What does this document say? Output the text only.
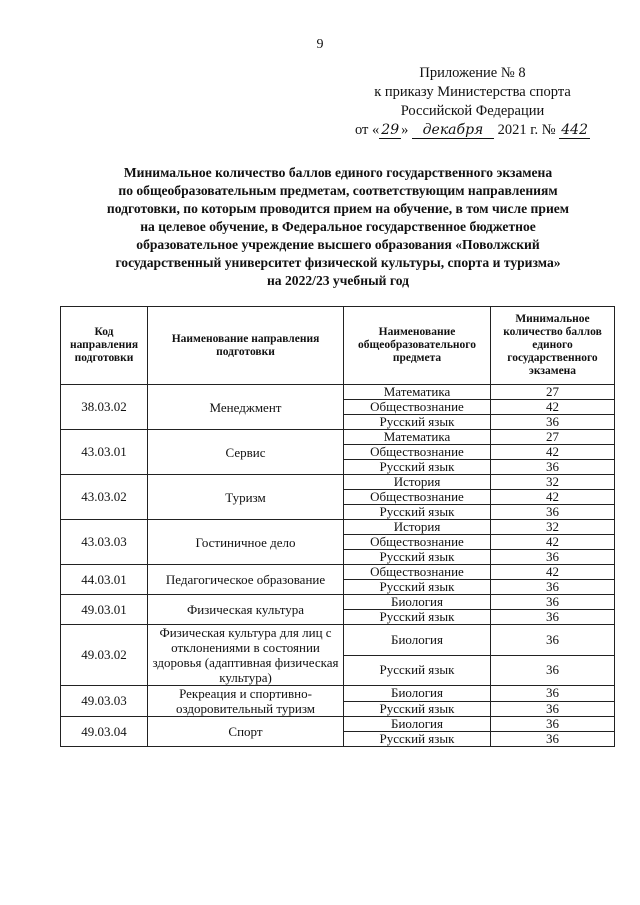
9
Приложение № 8
к приказу Министерства спорта
Российской Федерации
от « 29 » декабря 2021 г. № 442
Минимальное количество баллов единого государственного экзамена
по общеобразовательным предметам, соответствующим направлениям
подготовки, по которым проводится прием на обучение, в том числе прием
на целевое обучение, в Федеральное государственное бюджетное
образовательное учреждение высшего образования «Поволжский
государственный университет физической культуры, спорта и туризма»
на 2022/23 учебный год
Код направления подготовки	Наименование направления подготовки	Наименование общеобразовательного предмета	Минимальное количество баллов единого государственного экзамена
38.03.02	Менеджмент	Математика	27
		Обществознание	42
		Русский язык	36
43.03.01	Сервис	Математика	27
		Обществознание	42
		Русский язык	36
43.03.02	Туризм	История	32
		Обществознание	42
		Русский язык	36
43.03.03	Гостиничное дело	История	32
		Обществознание	42
		Русский язык	36
44.03.01	Педагогическое образование	Обществознание	42
		Русский язык	36
49.03.01	Физическая культура	Биология	36
		Русский язык	36
49.03.02	Физическая культура для лиц с отклонениями в состоянии здоровья (адаптивная физическая культура)	Биология	36
		Русский язык	36
49.03.03	Рекреация и спортивно-оздоровительный туризм	Биология	36
		Русский язык	36
49.03.04	Спорт	Биология	36
		Русский язык	36
